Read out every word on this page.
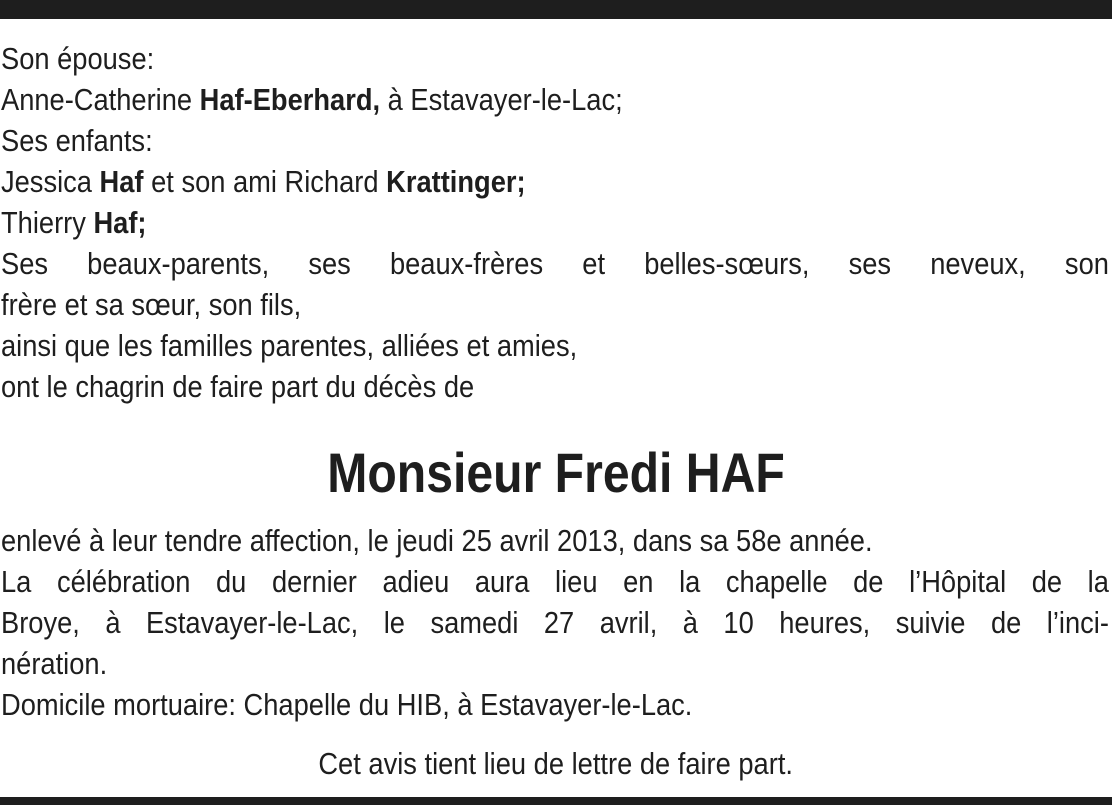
Son épouse:
Anne-Catherine Haf-Eberhard, à Estavayer-le-Lac;
Ses enfants:
Jessica Haf et son ami Richard Krattinger;
Thierry Haf;
Ses beaux-parents, ses beaux-frères et belles-sœurs, ses neveux, son
frère et sa sœur, son fils,
ainsi que les familles parentes, alliées et amies,
ont le chagrin de faire part du décès de
Monsieur Fredi HAF
enlevé à leur tendre affection, le jeudi 25 avril 2013, dans sa 58e année.
La célébration du dernier adieu aura lieu en la chapelle de l’Hôpital de la
Broye, à Estavayer-le-Lac, le samedi 27 avril, à 10 heures, suivie de l’inci-
nération.
Domicile mortuaire: Chapelle du HIB, à Estavayer-le-Lac.
Cet avis tient lieu de lettre de faire part.
